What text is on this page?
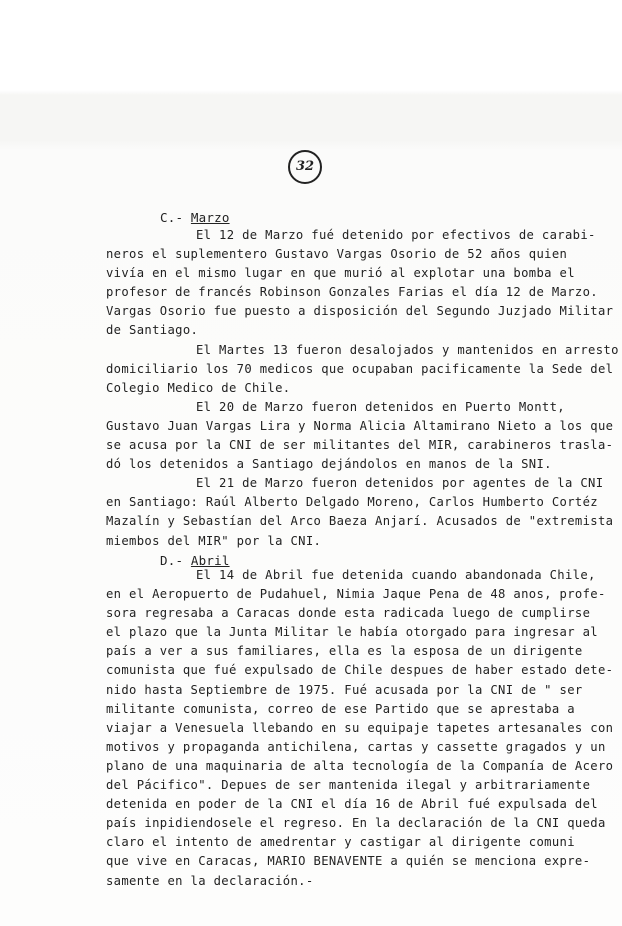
32
C.- Marzo
El 12 de Marzo fué detenido por efectivos de carabi-
neros el suplementero Gustavo Vargas Osorio de 52 años quien
vivía en el mismo lugar en que murió al explotar una bomba el
profesor de francés Robinson Gonzales Farias el día 12 de Marzo.
Vargas Osorio fue puesto a disposición del Segundo Juzjado Militar
de Santiago.
El Martes 13 fueron desalojados y mantenidos en arresto
domiciliario los 70 medicos que ocupaban pacificamente la Sede del
Colegio Medico de Chile.
El 20 de Marzo fueron detenidos en Puerto Montt,
Gustavo Juan Vargas Lira y Norma Alicia Altamirano Nieto a los que
se acusa por la CNI de ser militantes del MIR, carabineros trasla-
dó los detenidos a Santiago dejándolos en manos de la SNI.
El 21 de Marzo fueron detenidos por agentes de la CNI
en Santiago: Raúl Alberto Delgado Moreno, Carlos Humberto Cortéz
Mazalín y Sebastían del Arco Baeza Anjarí. Acusados de "extremista
miembos del MIR" por la CNI.
D.- Abril
El 14 de Abril fue detenida cuando abandonada Chile,
en el Aeropuerto de Pudahuel, Nimia Jaque Pena de 48 anos, profe-
sora regresaba a Caracas donde esta radicada luego de cumplirse
el plazo que la Junta Militar le había otorgado para ingresar al
país a ver a sus familiares, ella es la esposa de un dirigente
comunista que fué expulsado de Chile despues de haber estado dete-
nido hasta Septiembre de 1975. Fué acusada por la CNI de " ser
militante comunista, correo de ese Partido que se aprestaba a
viajar a Venesuela llebando en su equipaje tapetes artesanales con
motivos y propaganda antichilena, cartas y cassette gragados y un
plano de una maquinaria de alta tecnología de la Companía de Acero
del Pácifico". Depues de ser mantenida ilegal y arbitrariamente
detenida en poder de la CNI el día 16 de Abril fué expulsada del
país inpidiendosele el regreso. En la declaración de la CNI queda
claro el intento de amedrentar y castigar al dirigente comuni
que vive en Caracas, MARIO BENAVENTE a quién se menciona expre-
samente en la declaración.-
